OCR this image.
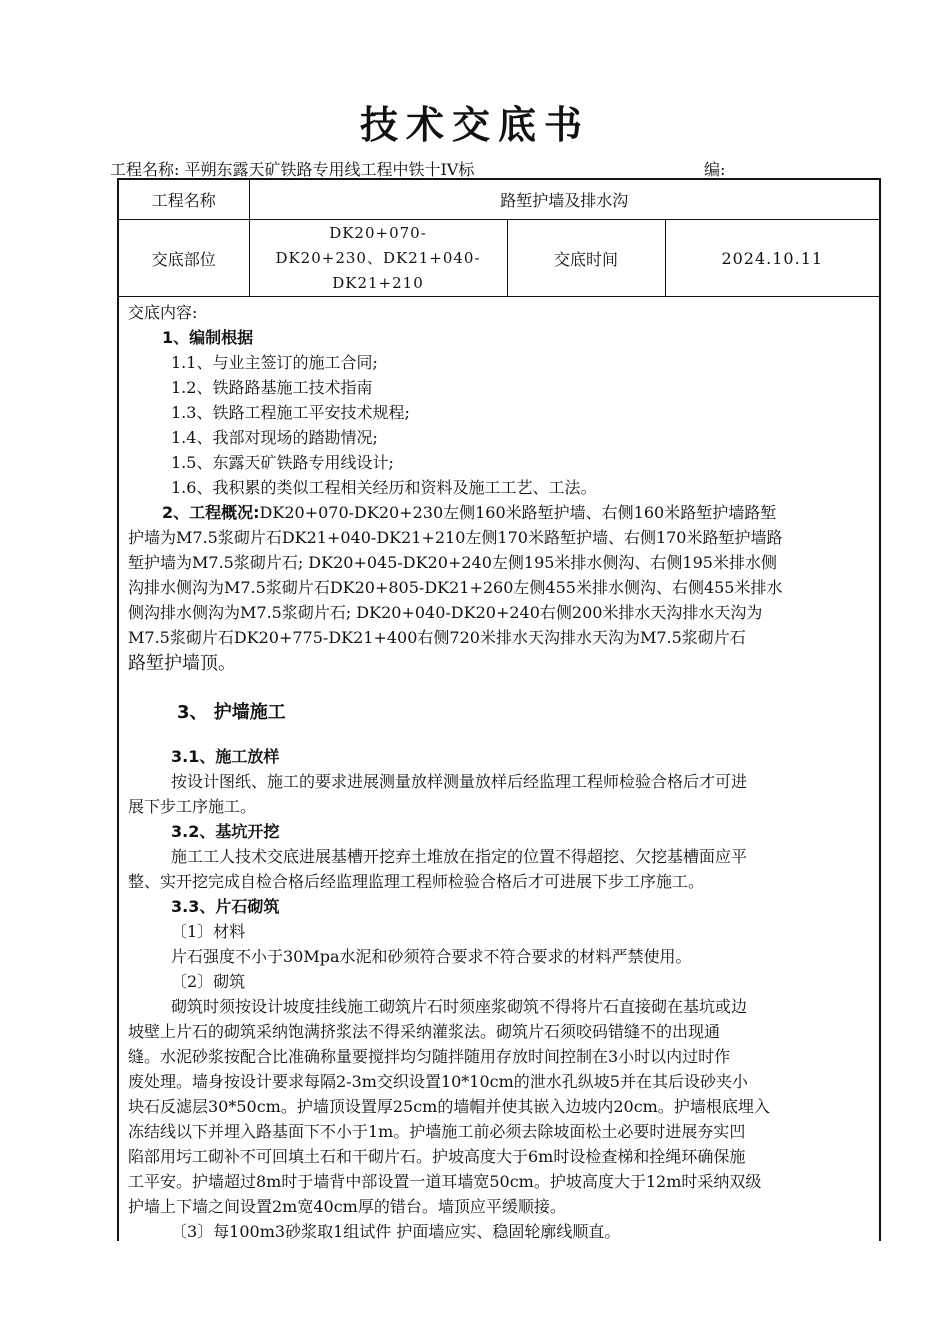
技术交底书
工程名称: 平朔东露天矿铁路专用线工程中铁十IV标	编:
工程名称	路堑护墙及排水沟		
交底部位	DK20+070-
DK20+230、DK21+040-
DK21+210	交底时间	2024.10.11

交底内容:

1、编制根据

1.1、与业主签订的施工合同;

1.2、铁路路基施工技术指南

1.3、铁路工程施工平安技术规程;

1.4、我部对现场的踏勘情况;

1.5、东露天矿铁路专用线设计;

1.6、我积累的类似工程相关经历和资料及施工工艺、工法。

2、工程概况:DK20+070-DK20+230左侧160米路堑护墙、右侧160米路堑护墙路堑

护墙为M7.5浆砌片石DK21+040-DK21+210左侧170米路堑护墙、右侧170米路堑护墙路

堑护墙为M7.5浆砌片石; DK20+045-DK20+240左侧195米排水侧沟、右侧195米排水侧

沟排水侧沟为M7.5浆砌片石DK20+805-DK21+260左侧455米排水侧沟、右侧455米排水

侧沟排水侧沟为M7.5浆砌片石; DK20+040-DK20+240右侧200米排水天沟排水天沟为

M7.5浆砌片石DK20+775-DK21+400右侧720米排水天沟排水天沟为M7.5浆砌片石

路堑护墙顶。

3、 护墙施工

3.1、施工放样

按设计图纸、施工的要求进展测量放样测量放样后经监理工程师检验合格后才可进

展下步工序施工。

3.2、基坑开挖

施工工人技术交底进展基槽开挖弃土堆放在指定的位置不得超挖、欠挖基槽面应平

整、实开挖完成自检合格后经监理监理工程师检验合格后才可进展下步工序施工。

3.3、片石砌筑

〔1〕材料

片石强度不小于30Mpa水泥和砂须符合要求不符合要求的材料严禁使用。

〔2〕砌筑

砌筑时须按设计坡度挂线施工砌筑片石时须座浆砌筑不得将片石直接砌在基坑或边

坡壁上片石的砌筑采纳饱满挤浆法不得采纳灌浆法。砌筑片石须咬码错缝不的出现通

缝。水泥砂浆按配合比准确称量要搅拌均匀随拌随用存放时间控制在3小时以内过时作

废处理。墙身按设计要求每隔2-3m交织设置10*10cm的泄水孔纵坡5并在其后设砂夹小

块石反滤层30*50cm。护墙顶设置厚25cm的墙帽并使其嵌入边坡内20cm。护墙根底埋入

冻结线以下并埋入路基面下不小于1m。护墙施工前必须去除坡面松土必要时进展夯实凹

陷部用圬工砌补不可回填土石和干砌片石。护坡高度大于6m时设检查梯和拴绳环确保施

工平安。护墙超过8m时于墙背中部设置一道耳墙宽50cm。护坡高度大于12m时采纳双级

护墙上下墙之间设置2m宽40cm厚的错台。墙顶应平缓顺接。

〔3〕每100m3砂浆取1组试件 护面墙应实、稳固轮廓线顺直。
